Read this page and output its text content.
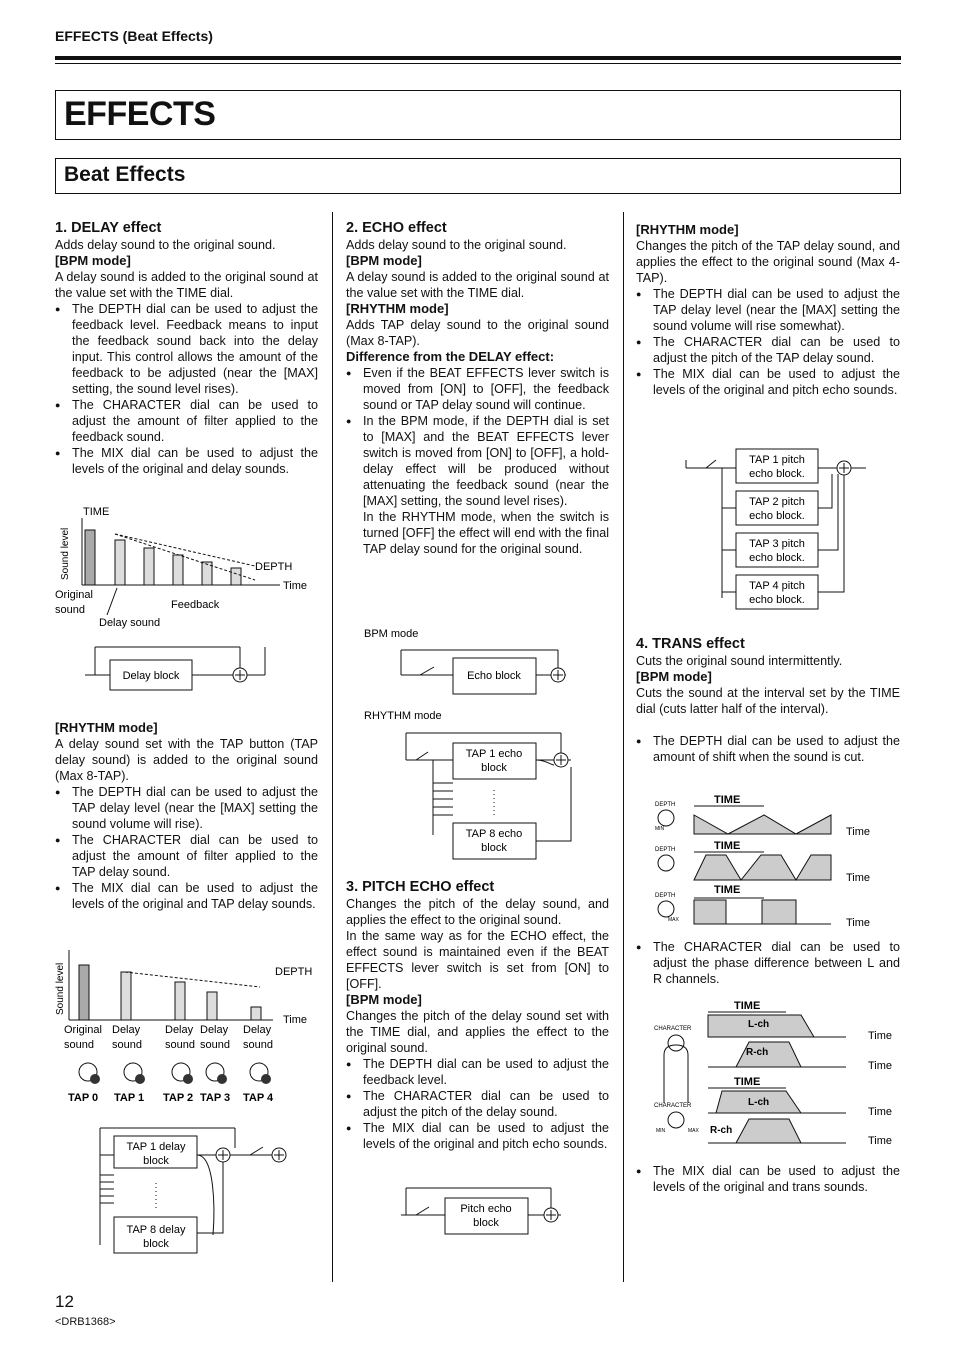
EFFECTS (Beat Effects)
EFFECTS
Beat Effects
1. DELAY effect

Adds delay sound to the original sound.

[BPM mode]

A delay sound is added to the original sound at the value set with the TIME dial.

● The DEPTH dial can be used to adjust the feedback level. Feedback means to input the feedback sound back into the delay input. This control allows the amount of the feedback to be adjusted (near the [MAX] setting, the sound level rises).
● The CHARACTER dial can be used to adjust the amount of filter applied to the feedback sound.
● The MIX dial can be used to adjust the levels of the original and delay sounds.
TIME
Sound level	DEPTH
Time
Original
sound	Feedback
Delay sound
Delay block
[RHYTHM mode]

A delay sound set with the TAP button (TAP delay sound) is added to the original sound (Max 8-TAP).

● The DEPTH dial can be used to adjust the TAP delay level (near the [MAX] setting the sound volume will rise).
● The CHARACTER dial can be used to adjust the amount of filter applied to the TAP delay sound.
● The MIX dial can be used to adjust the levels of the original and TAP delay sounds.
Sound level	DEPTH
Time
Original
sound
Delay
sound
Delay
sound
Delay
sound
Delay
sound
TAP 0 TAP 1 TAP 2 TAP 3 TAP 4
TAP 1 delay
block
TAP 8 delay
block
2. ECHO effect

Adds delay sound to the original sound.

[BPM mode]

A delay sound is added to the original sound at the value set with the TIME dial.

[RHYTHM mode]

Adds TAP delay sound to the original sound (Max 8-TAP).

Difference from the DELAY effect:
● Even if the BEAT EFFECTS lever switch is moved from [ON] to [OFF], the feedback sound or TAP delay sound will continue.
● In the BPM mode, if the DEPTH dial is set to [MAX] and the BEAT EFFECTS lever switch is moved from [ON] to [OFF], a hold-delay effect will be produced without attenuating the feedback sound (near the [MAX] setting, the sound level rises).

In the RHYTHM mode, when the switch is turned [OFF] the effect will end with the final TAP delay sound for the original sound.

BPM mode
Echo block
RHYTHM mode
TAP 1 echo
block
TAP 8 echo
block
3. PITCH ECHO effect

Changes the pitch of the delay sound, and applies the effect to the original sound.

In the same way as for the ECHO effect, the effect sound is maintained even if the BEAT EFFECTS lever switch is set from [ON] to [OFF].

[BPM mode]

Changes the pitch of the delay sound set with the TIME dial, and applies the effect to the original sound.

● The DEPTH dial can be used to adjust the feedback level.
● The CHARACTER dial can be used to adjust the pitch of the delay sound.
● The MIX dial can be used to adjust the levels of the original and pitch echo sounds.
Pitch echo
block
[RHYTHM mode]

Changes the pitch of the TAP delay sound, and applies the effect to the original sound (Max 4-TAP).

● The DEPTH dial can be used to adjust the TAP delay level (near the [MAX] setting the sound volume will rise somewhat).
● The CHARACTER dial can be used to adjust the pitch of the TAP delay sound.
● The MIX dial can be used to adjust the levels of the original and pitch echo sounds.
TAP 1 pitch
echo block.
TAP 2 pitch
echo block.
TAP 3 pitch
echo block.
TAP 4 pitch
echo block.
4. TRANS effect

Cuts the original sound intermittently.

[BPM mode]

Cuts the sound at the interval set by the TIME dial (cuts latter half of the interval).

● The DEPTH dial can be used to adjust the amount of shift when the sound is cut.
DEPTH
MIN
TIME
Time
DEPTH	TIME
Time
DEPTH
MAX
TIME
Time
● The CHARACTER dial can be used to adjust the phase difference between L and R channels.
CHARACTER
CHARACTER
MIN	MAX
TIME
L-ch
Time
R-ch
Time
TIME
L-ch
Time
R-ch
Time
● The MIX dial can be used to adjust the levels of the original and trans sounds.
12
<DRB1368>
